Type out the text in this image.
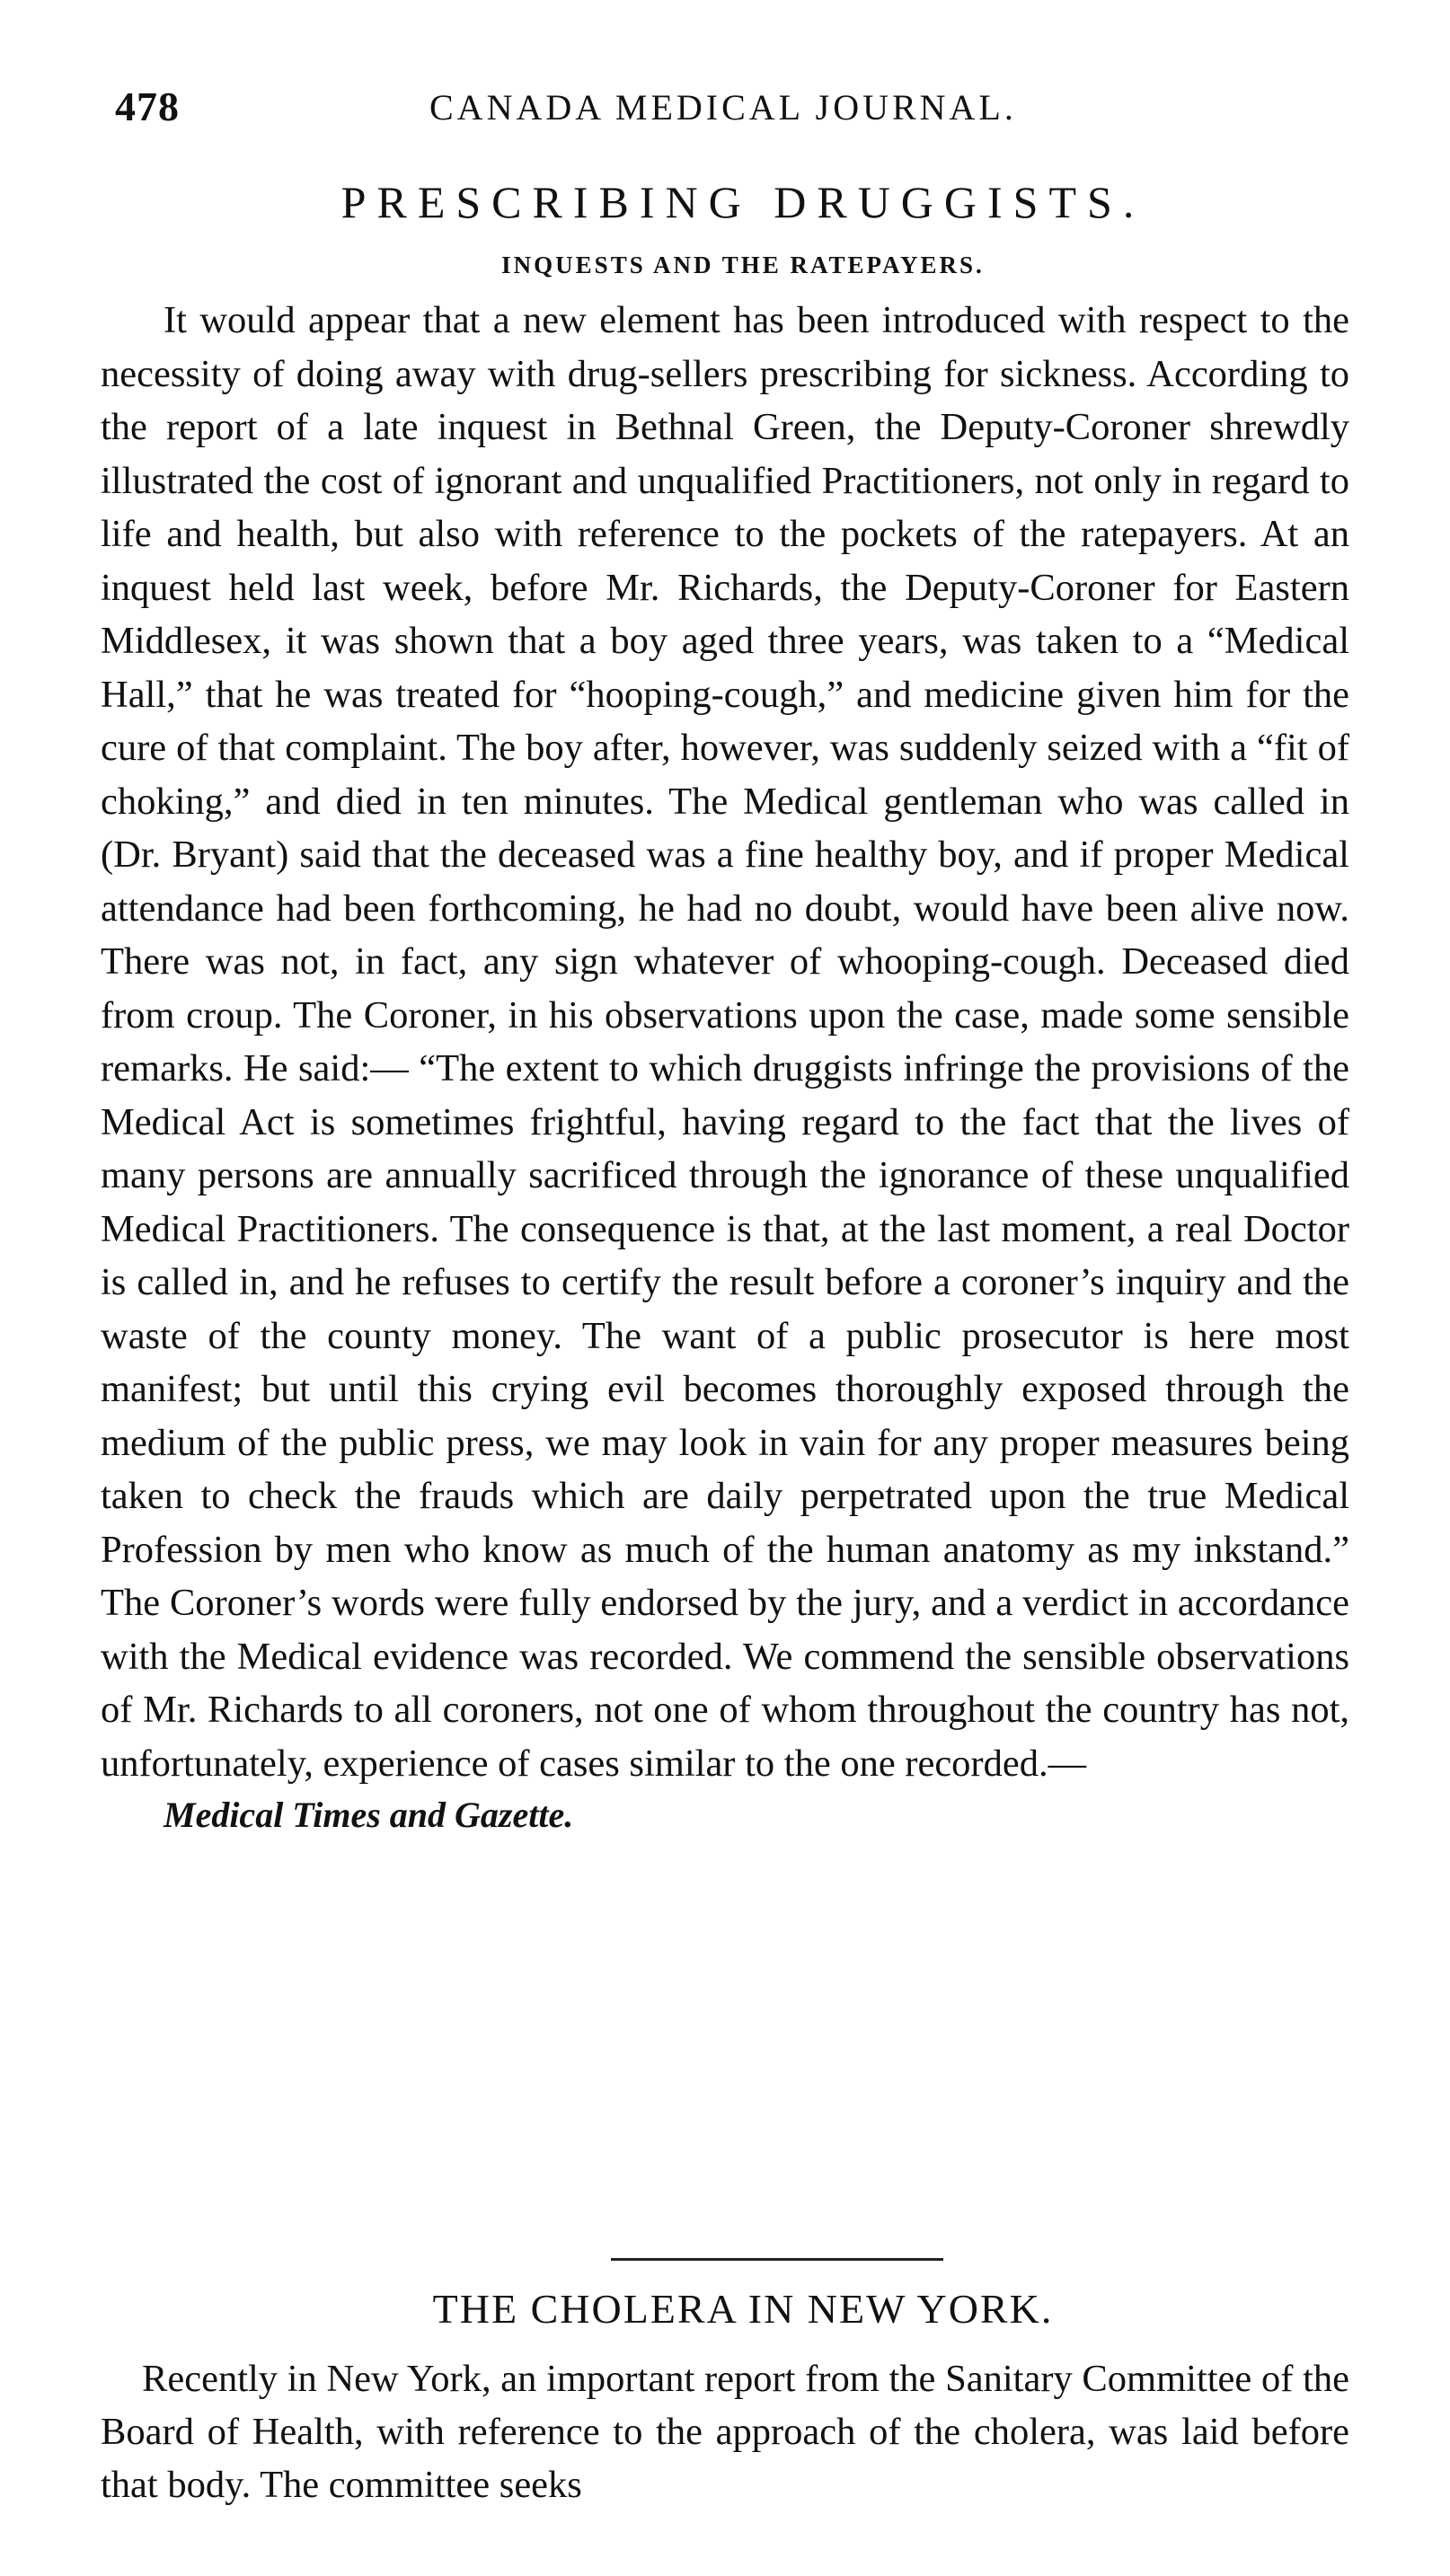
478	CANADA MEDICAL JOURNAL.
PRESCRIBING DRUGGISTS.
INQUESTS AND THE RATEPAYERS.

It would appear that a new element has been introduced with respect to the necessity of doing away with drug-sellers prescribing for sickness. According to the report of a late inquest in Bethnal Green, the Deputy-Coroner shrewdly illustrated the cost of ignorant and unqualified Practitioners, not only in regard to life and health, but also with reference to the pockets of the ratepayers. At an inquest held last week, before Mr. Richards, the Deputy-Coroner for Eastern Middlesex, it was shown that a boy aged three years, was taken to a “Medical Hall,” that he was treated for “hooping-cough,” and medicine given him for the cure of that complaint. The boy after, however, was suddenly seized with a “fit of choking,” and died in ten minutes. The Medical gentleman who was called in (Dr. Bryant) said that the deceased was a fine healthy boy, and if proper Medical attendance had been forthcoming, he had no doubt, would have been alive now. There was not, in fact, any sign whatever of whooping-cough. Deceased died from croup. The Coroner, in his observations upon the case, made some sensible remarks. He said:— “The extent to which druggists infringe the provisions of the Medical Act is sometimes frightful, having regard to the fact that the lives of many persons are annually sacrificed through the ignorance of these unqualified Medical Practitioners. The consequence is that, at the last moment, a real Doctor is called in, and he refuses to certify the result before a coroner’s inquiry and the waste of the county money. The want of a public prosecutor is here most manifest; but until this crying evil becomes thoroughly exposed through the medium of the public press, we may look in vain for any proper measures being taken to check the frauds which are daily perpetrated upon the true Medical Profession by men who know as much of the human anatomy as my inkstand.” The Coroner’s words were fully endorsed by the jury, and a verdict in accordance with the Medical evidence was recorded. We commend the sensible observations of Mr. Richards to all coroners, not one of whom throughout the country has not, unfortunately, experience of cases similar to the one recorded.—
Medical Times and Gazette.

THE CHOLERA IN NEW YORK.

Recently in New York, an important report from the Sanitary Committee of the Board of Health, with reference to the approach of the cholera, was laid before that body. The committee seeks
